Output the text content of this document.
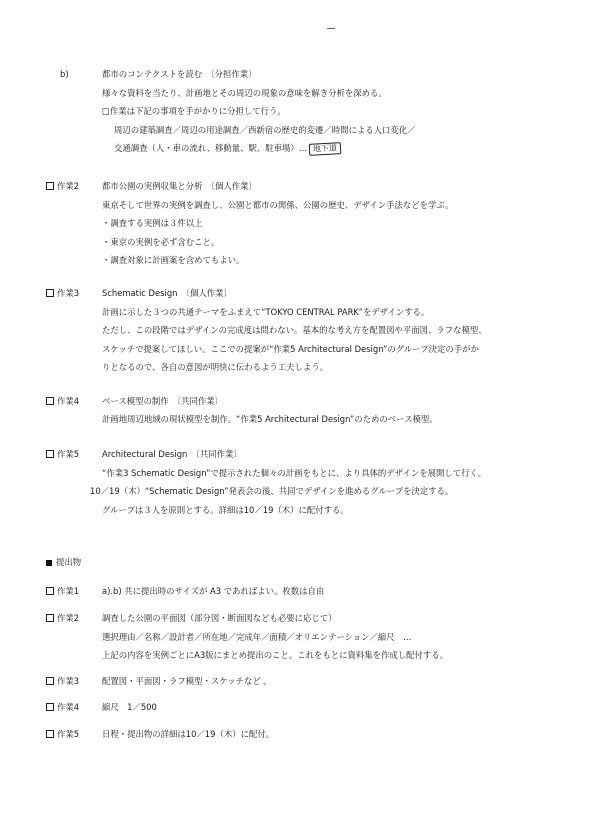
b)	都市のコンテクストを読む　〔分担作業〕
様々な資料を当たり、計画地とその周辺の現象の意味を解き分析を深める。
□作業は下記の事項を手がかりに分担して行う。
周辺の建築調査／周辺の用途調査／西新宿の歴史的変遷／時間による人口変化／
交通調査（人・車の流れ、移動量、駅、駐車場）… 地下道
作業2	都市公園の実例収集と分析　〔個人作業〕
東京そして世界の実例を調査し、公園と都市の関係、公園の歴史、デザイン手法などを学ぶ。
・調査する実例は３件以上
・東京の実例を必ず含むこと。
・調査対象に計画案を含めてもよい。
作業3	Schematic Design　〔個人作業〕
計画に示した３つの共通テーマをふまえて“TOKYO CENTRAL PARK”をデザインする。
ただし、この段階ではデザインの完成度は問わない。基本的な考え方を配置図や平面図、ラフな模型、
スケッチで提案してほしい。ここでの提案が“作業5 Architectural Design”のグループ決定の手がか
りとなるので、各自の意図が明快に伝わるよう工夫しよう。
作業4	ベース模型の制作　〔共同作業〕
計画地周辺地域の現状模型を制作。“作業5 Architectural Design”のためのベース模型。
作業5	Architectural Design　〔共同作業〕
“作業3 Schematic Design”で提示された個々の計画をもとに、より具体的デザインを展開して行く。
10／19（木）“Schematic Design”発表会の後、共同でデザインを進めるグループを決定する。
グループは３人を原則とする。詳細は10／19（木）に配付する。
提出物
作業1	a).b) 共に提出時のサイズが A3 であればよい。枚数は自由
作業2	調査した公園の平面図（部分図・断面図なども必要に応じて）
選択理由／名称／設計者／所在地／完成年／面積／オリエンテーション／縮尺　…
上記の内容を実例ごとにA3版にまとめ提出のこと。これをもとに資料集を作成し配付する。
作業3	配置図・平面図・ラフ模型・スケッチなど 。
作業4	縮尺　1／500
作業5	日程・提出物の詳細は10／19（木）に配付。
